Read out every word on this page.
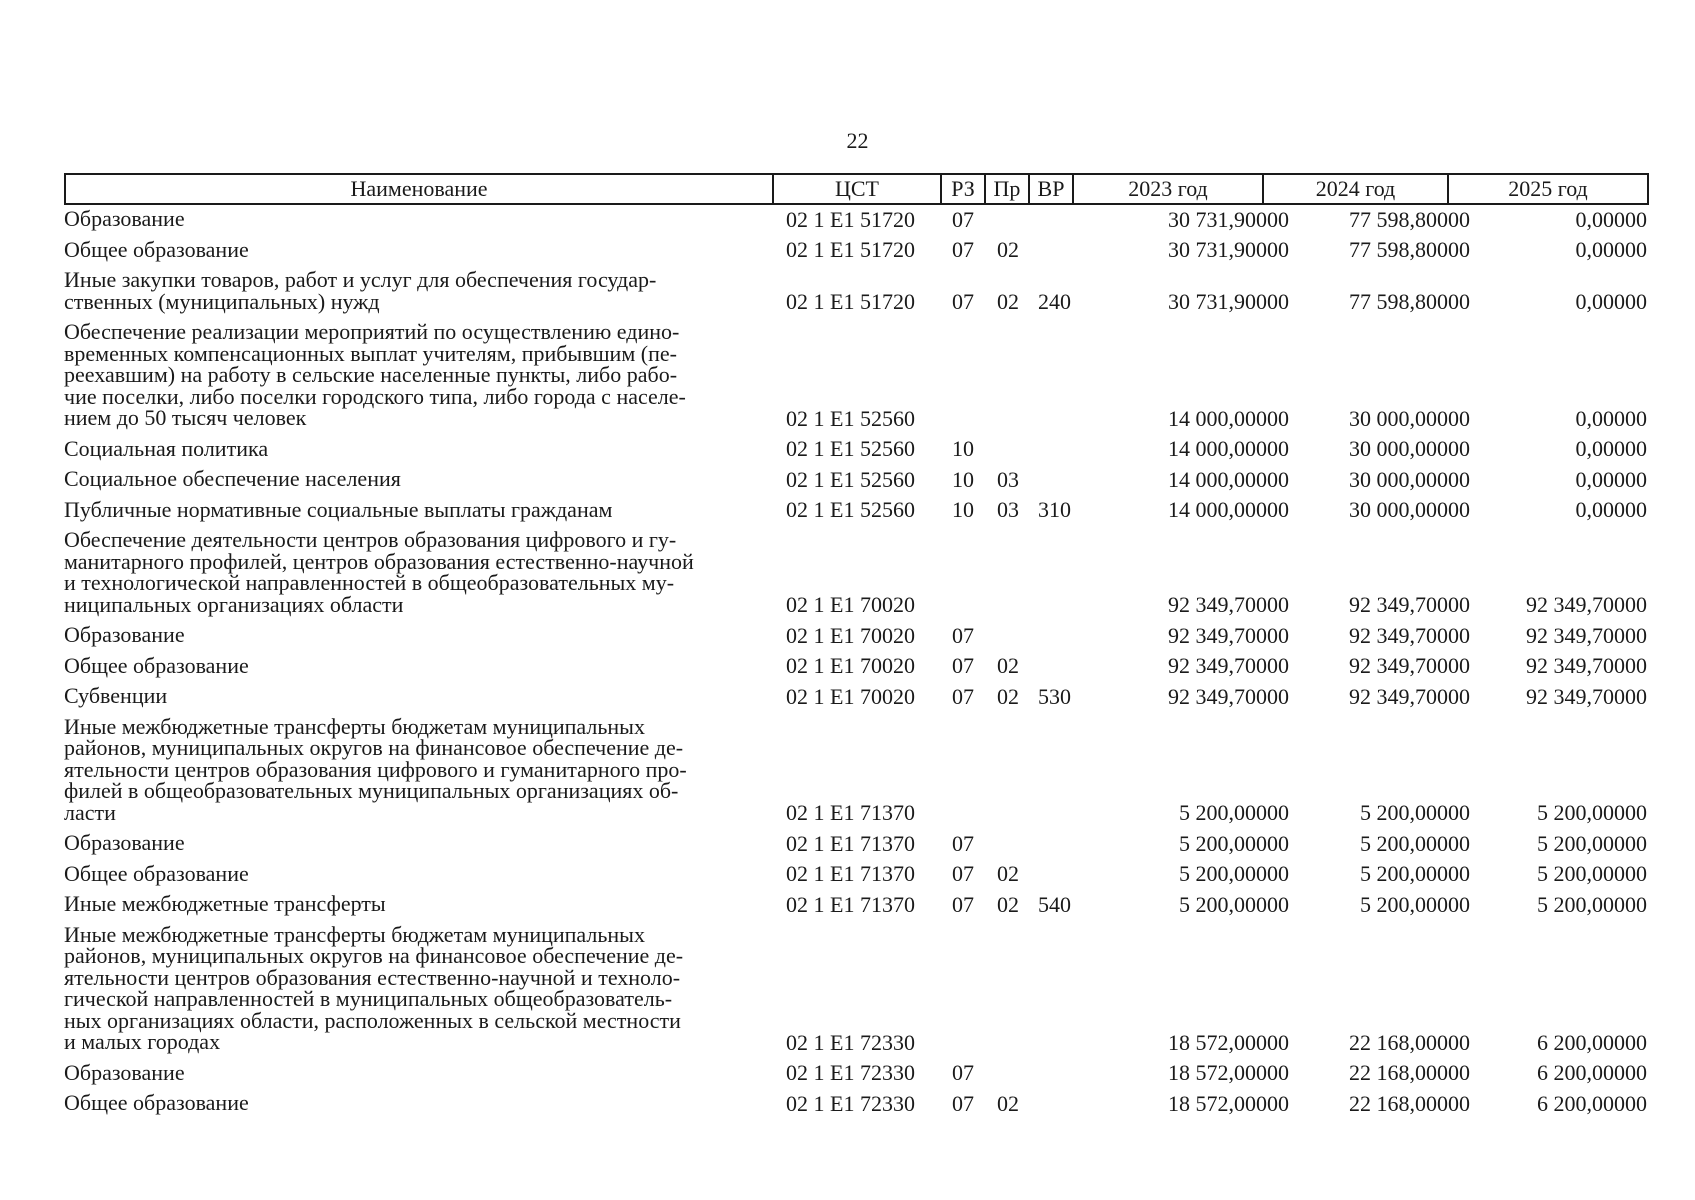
22
Наименование	ЦСТ	РЗ Пр ВР	2023 год	2024 год	2025 год
Образование	02 1 E1 51720 07	30 731,90000	77 598,80000	0,00000
Общее образование	02 1 E1 51720 07 02	30 731,90000	77 598,80000	0,00000
Иные закупки товаров, работ и услуг для обеспечения государ-
ственных (муниципальных) нужд	02 1 E1 51720 07 02 240	30 731,90000	77 598,80000	0,00000
Обеспечение реализации мероприятий по осуществлению едино-
временных компенсационных выплат учителям, прибывшим (пе-
реехавшим) на работу в сельские населенные пункты, либо рабо-
чие поселки, либо поселки городского типа, либо города с населе-
нием до 50 тысяч человек	02 1 E1 52560	14 000,00000	30 000,00000	0,00000
Социальная политика	02 1 E1 52560 10	14 000,00000	30 000,00000	0,00000
Социальное обеспечение населения	02 1 E1 52560 10 03	14 000,00000	30 000,00000	0,00000
Публичные нормативные социальные выплаты гражданам	02 1 E1 52560 10 03 310	14 000,00000	30 000,00000	0,00000
Обеспечение деятельности центров образования цифрового и гу-
манитарного профилей, центров образования естественно-научной
и технологической направленностей в общеобразовательных му-
ниципальных организациях области	02 1 E1 70020	92 349,70000	92 349,70000	92 349,70000
Образование	02 1 E1 70020 07	92 349,70000	92 349,70000	92 349,70000
Общее образование	02 1 E1 70020 07 02	92 349,70000	92 349,70000	92 349,70000
Субвенции	02 1 E1 70020 07 02 530	92 349,70000	92 349,70000	92 349,70000
Иные межбюджетные трансферты бюджетам муниципальных
районов, муниципальных округов на финансовое обеспечение де-
ятельности центров образования цифрового и гуманитарного про-
филей в общеобразовательных муниципальных организациях об-
ласти	02 1 E1 71370	5 200,00000	5 200,00000	5 200,00000
Образование	02 1 E1 71370 07	5 200,00000	5 200,00000	5 200,00000
Общее образование	02 1 E1 71370 07 02	5 200,00000	5 200,00000	5 200,00000
Иные межбюджетные трансферты	02 1 E1 71370 07 02 540	5 200,00000	5 200,00000	5 200,00000
Иные межбюджетные трансферты бюджетам муниципальных
районов, муниципальных округов на финансовое обеспечение де-
ятельности центров образования естественно-научной и техноло-
гической направленностей в муниципальных общеобразователь-
ных организациях области, расположенных в сельской местности
и малых городах	02 1 E1 72330	18 572,00000	22 168,00000	6 200,00000
Образование	02 1 E1 72330 07	18 572,00000	22 168,00000	6 200,00000
Общее образование	02 1 E1 72330 07 02	18 572,00000	22 168,00000	6 200,00000
